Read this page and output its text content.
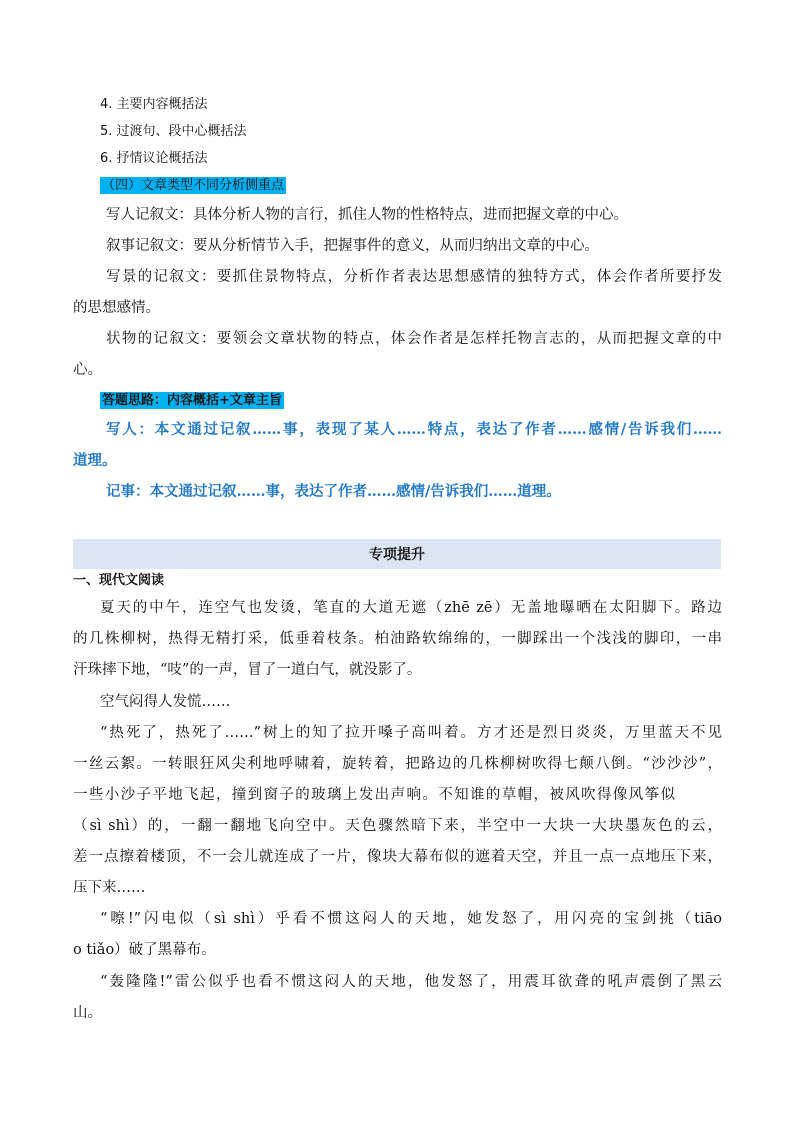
4. 主要内容概括法
5. 过渡句、段中心概括法
6. 抒情议论概括法
（四）文章类型不同分析侧重点
写人记叙文：具体分析人物的言行，抓住人物的性格特点，进而把握文章的中心。
叙事记叙文：要从分析情节入手，把握事件的意义，从而归纳出文章的中心。
写景的记叙文：要抓住景物特点，分析作者表达思想感情的独特方式，体会作者所要抒发
的思想感情。
状物的记叙文：要领会文章状物的特点，体会作者是怎样托物言志的，从而把握文章的中
心。
答题思路：内容概括+文章主旨
写人：本文通过记叙……事，表现了某人……特点，表达了作者……感情/告诉我们……
道理。
记事：本文通过记叙……事，表达了作者……感情/告诉我们……道理。
专项提升
一、现代文阅读
夏天的中午，连空气也发烫，笔直的大道无遮（zhē zē）无盖地曝晒在太阳脚下。路边
的几株柳树，热得无精打采，低垂着枝条。柏油路软绵绵的，一脚踩出一个浅浅的脚印，一串
汗珠摔下地，“吱”的一声，冒了一道白气，就没影了。
空气闷得人发慌……
“热死了，热死了……”树上的知了拉开嗓子高叫着。方才还是烈日炎炎，万里蓝天不见
一丝云絮。一转眼狂风尖利地呼啸着，旋转着，把路边的几株柳树吹得七颠八倒。“沙沙沙”，
一些小沙子平地飞起，撞到窗子的玻璃上发出声响。不知谁的草帽，被风吹得像风筝似
（sì shì）的，一翻一翻地飞向空中。天色骤然暗下来，半空中一大块一大块墨灰色的云，
差一点擦着楼顶，不一会儿就连成了一片，像块大幕布似的遮着天空，并且一点一点地压下来，
压下来……
“嚓!”闪电似（sì shì）乎看不惯这闷人的天地，她发怒了，用闪亮的宝剑挑（tiāo
o tiǎo）破了黑幕布。
“轰隆隆!”雷公似乎也看不惯这闷人的天地，他发怒了，用震耳欲聋的吼声震倒了黑云
山。
